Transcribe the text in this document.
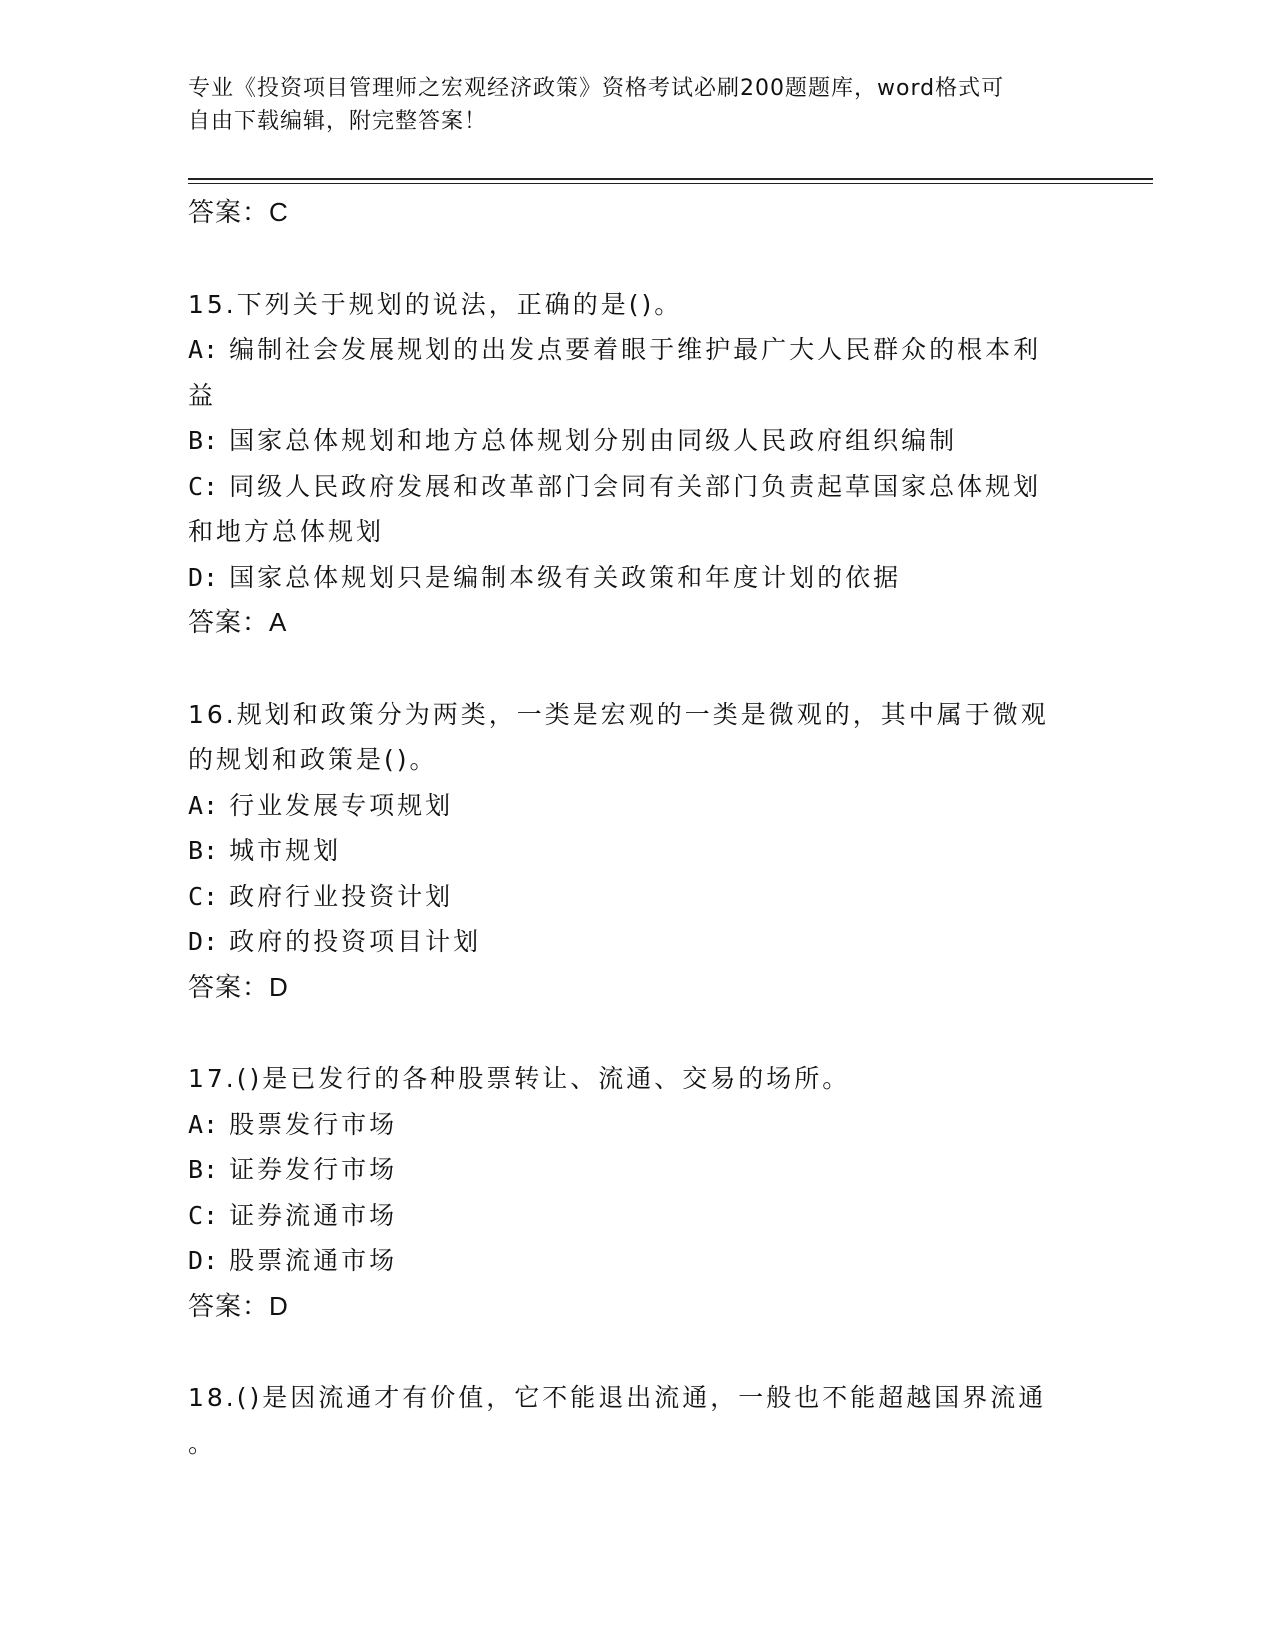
专业《投资项目管理师之宏观经济政策》资格考试必刷200题题库，word格式可
自由下载编辑，附完整答案！
答案：C
15.下列关于规划的说法，正确的是()。
A: 编制社会发展规划的出发点要着眼于维护最广大人民群众的根本利
益
B: 国家总体规划和地方总体规划分别由同级人民政府组织编制
C: 同级人民政府发展和改革部门会同有关部门负责起草国家总体规划
和地方总体规划
D: 国家总体规划只是编制本级有关政策和年度计划的依据
答案：A
16.规划和政策分为两类，一类是宏观的一类是微观的，其中属于微观
的规划和政策是()。
A: 行业发展专项规划
B: 城市规划
C: 政府行业投资计划
D: 政府的投资项目计划
答案：D
17.()是已发行的各种股票转让、流通、交易的场所。
A: 股票发行市场
B: 证券发行市场
C: 证券流通市场
D: 股票流通市场
答案：D
18.()是因流通才有价值，它不能退出流通，一般也不能超越国界流通
。
